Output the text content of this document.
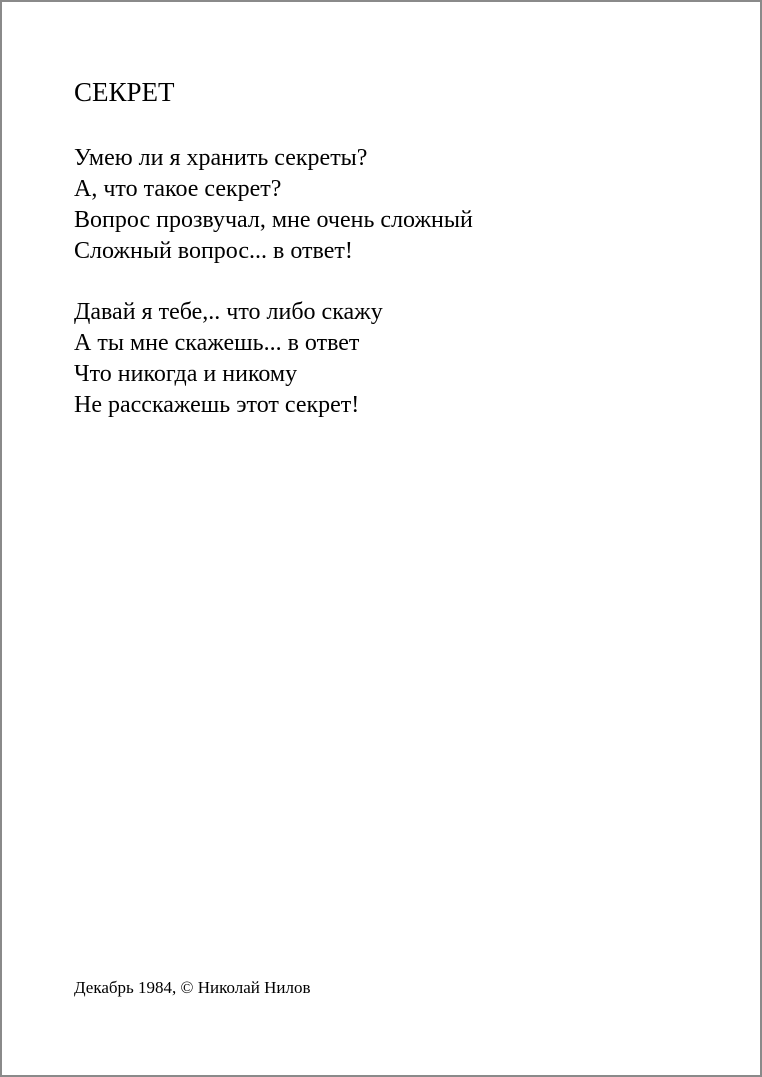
СЕКРЕТ
Умею ли я хранить секреты?
А, что такое секрет?
Вопрос прозвучал, мне очень сложный
Сложный вопрос... в ответ!
Давай я тебе,.. что либо скажу
А ты мне скажешь... в ответ
Что никогда и никому
Не расскажешь этот секрет!
Декабрь 1984, © Николай Нилов
